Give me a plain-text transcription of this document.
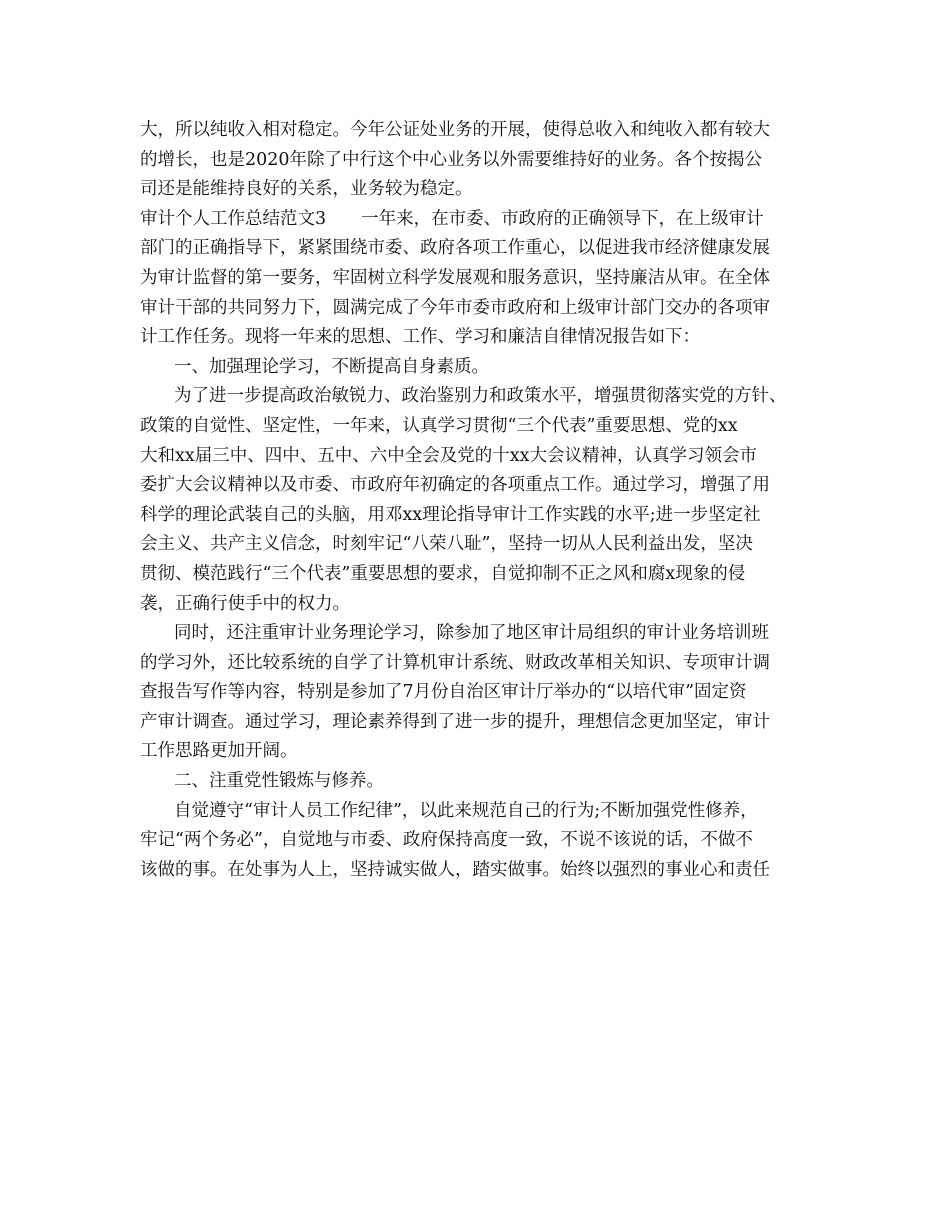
大，所以纯收入相对稳定。今年公证处业务的开展，使得总收入和纯收入都有较大
的增长，也是2020年除了中行这个中心业务以外需要维持好的业务。各个按揭公
司还是能维持良好的关系，业务较为稳定。
审计个人工作总结范文3　　一年来，在市委、市政府的正确领导下，在上级审计
部门的正确指导下，紧紧围绕市委、政府各项工作重心，以促进我市经济健康发展
为审计监督的第一要务，牢固树立科学发展观和服务意识，坚持廉洁从审。在全体
审计干部的共同努力下，圆满完成了今年市委市政府和上级审计部门交办的各项审
计工作任务。现将一年来的思想、工作、学习和廉洁自律情况报告如下：
一、加强理论学习，不断提高自身素质。
为了进一步提高政治敏锐力、政治鉴别力和政策水平，增强贯彻落实党的方针、
政策的自觉性、坚定性，一年来，认真学习贯彻“三个代表”重要思想、党的xx
大和xx届三中、四中、五中、六中全会及党的十xx大会议精神，认真学习领会市
委扩大会议精神以及市委、市政府年初确定的各项重点工作。通过学习，增强了用
科学的理论武装自己的头脑，用邓xx理论指导审计工作实践的水平;进一步坚定社
会主义、共产主义信念，时刻牢记“八荣八耻”，坚持一切从人民利益出发，坚决
贯彻、模范践行“三个代表”重要思想的要求，自觉抑制不正之风和腐x现象的侵
袭，正确行使手中的权力。
同时，还注重审计业务理论学习，除参加了地区审计局组织的审计业务培训班
的学习外，还比较系统的自学了计算机审计系统、财政改革相关知识、专项审计调
查报告写作等内容，特别是参加了7月份自治区审计厅举办的“以培代审”固定资
产审计调查。通过学习，理论素养得到了进一步的提升，理想信念更加坚定，审计
工作思路更加开阔。
二、注重党性锻炼与修养。
自觉遵守“审计人员工作纪律”，以此来规范自己的行为;不断加强党性修养，
牢记“两个务必”，自觉地与市委、政府保持高度一致，不说不该说的话，不做不
该做的事。在处事为人上，坚持诚实做人，踏实做事。始终以强烈的事业心和责任
